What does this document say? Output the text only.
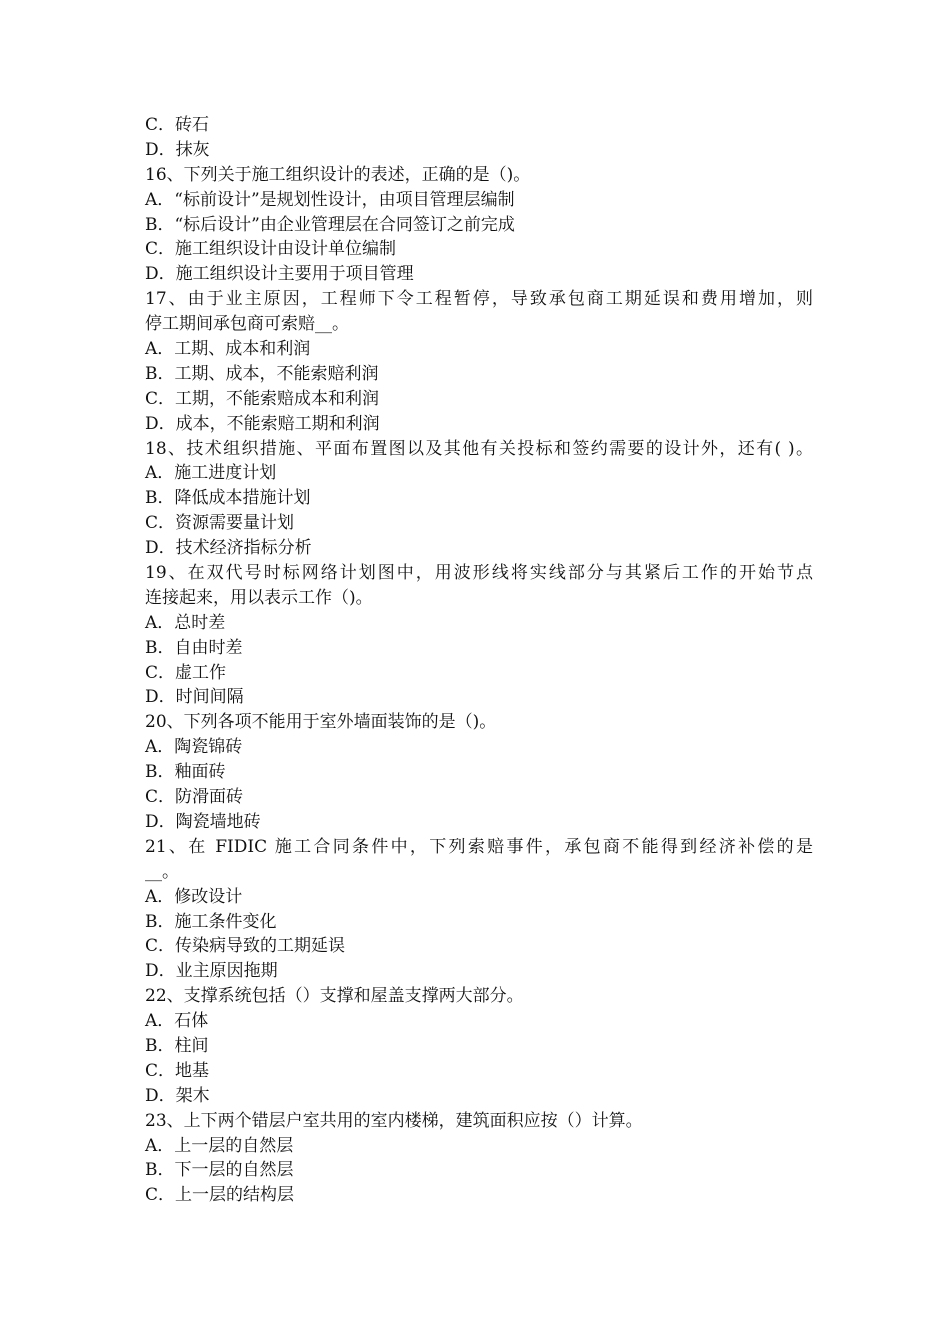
C．砖石
D．抹灰
16、下列关于施工组织设计的表述，正确的是（)。
A．“标前设计”是规划性设计，由项目管理层编制
B．“标后设计”由企业管理层在合同签订之前完成
C．施工组织设计由设计单位编制
D．施工组织设计主要用于项目管理
17、由于业主原因，工程师下令工程暂停，导致承包商工期延误和费用增加，则
停工期间承包商可索赔__。
A．工期、成本和利润
B．工期、成本，不能索赔利润
C．工期，不能索赔成本和利润
D．成本，不能索赔工期和利润
18、技术组织措施、平面布置图以及其他有关投标和签约需要的设计外，还有( )。
A．施工进度计划
B．降低成本措施计划
C．资源需要量计划
D．技术经济指标分析
19、在双代号时标网络计划图中，用波形线将实线部分与其紧后工作的开始节点
连接起来，用以表示工作（)。
A．总时差
B．自由时差
C．虚工作
D．时间间隔
20、下列各项不能用于室外墙面装饰的是（)。
A．陶瓷锦砖
B．釉面砖
C．防滑面砖
D．陶瓷墙地砖
21、在 FIDIC 施工合同条件中，下列索赔事件，承包商不能得到经济补偿的是
__。
A．修改设计
B．施工条件变化
C．传染病导致的工期延误
D．业主原因拖期
22、支撑系统包括（）支撑和屋盖支撑两大部分。
A．石体
B．柱间
C．地基
D．架木
23、上下两个错层户室共用的室内楼梯，建筑面积应按（）计算。
A．上一层的自然层
B．下一层的自然层
C．上一层的结构层
